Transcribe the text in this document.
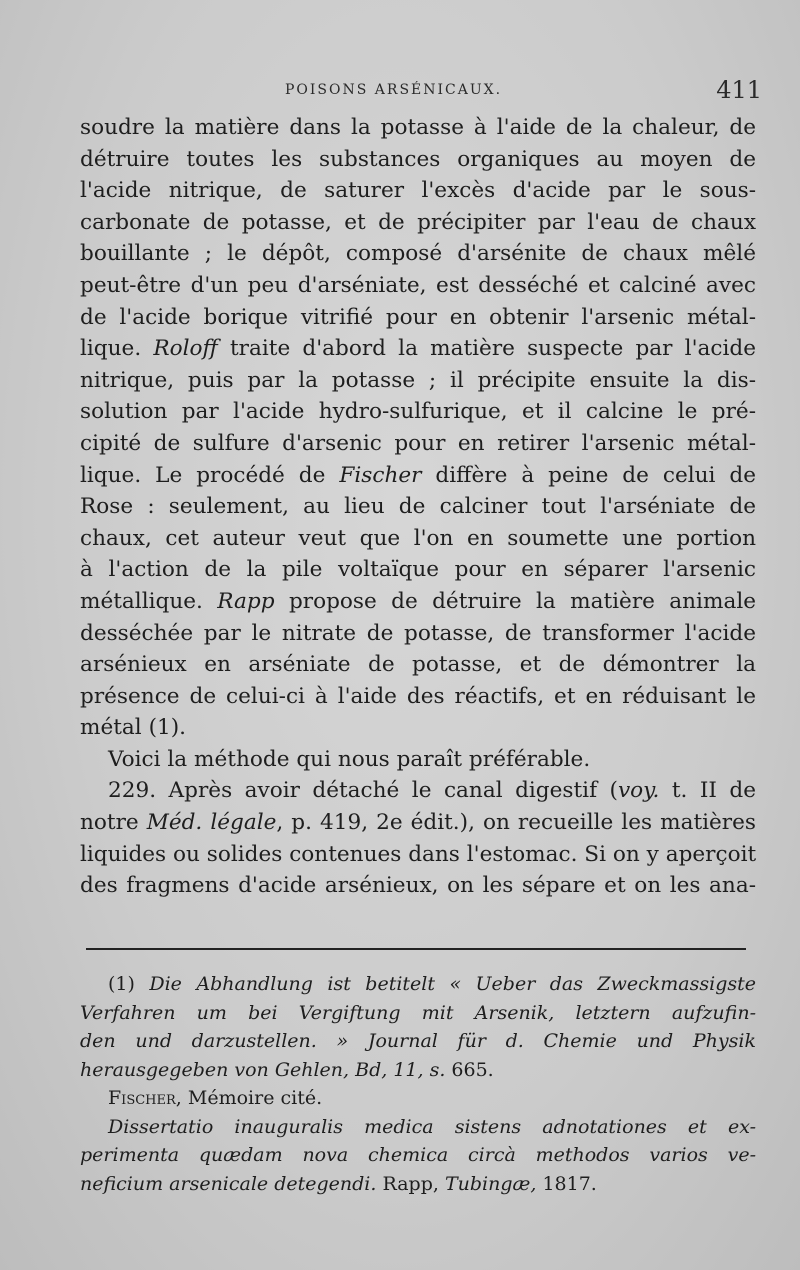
POISONS ARSÉNICAUX.	411

soudre la matière dans la potasse à l'aide de la chaleur, de
détruire toutes les substances organiques au moyen de
l'acide nitrique, de saturer l'excès d'acide par le sous-
carbonate de potasse, et de précipiter par l'eau de chaux
bouillante ; le dépôt, composé d'arsénite de chaux mêlé
peut-être d'un peu d'arséniate, est desséché et calciné avec
de l'acide borique vitrifié pour en obtenir l'arsenic métal-
lique. Roloff traite d'abord la matière suspecte par l'acide
nitrique, puis par la potasse ; il précipite ensuite la dis-
solution par l'acide hydro-sulfurique, et il calcine le pré-
cipité de sulfure d'arsenic pour en retirer l'arsenic métal-
lique. Le procédé de Fischer diffère à peine de celui de
Rose : seulement, au lieu de calciner tout l'arséniate de
chaux, cet auteur veut que l'on en soumette une portion
à l'action de la pile voltaïque pour en séparer l'arsenic
métallique. Rapp propose de détruire la matière animale
desséchée par le nitrate de potasse, de transformer l'acide
arsénieux en arséniate de potasse, et de démontrer la
présence de celui-ci à l'aide des réactifs, et en réduisant le
métal (1).
Voici la méthode qui nous paraît préférable.
229. Après avoir détaché le canal digestif (voy. t. II de
notre Méd. légale, p. 419, 2e édit.), on recueille les matières
liquides ou solides contenues dans l'estomac. Si on y aperçoit
des fragmens d'acide arsénieux, on les sépare et on les ana-

(1) Die Abhandlung ist betitelt « Ueber das Zweckmassigste
Verfahren um bei Vergiftung mit Arsenik, letztern aufzufin-
den und darzustellen. » Journal für d. Chemie und Physik
herausgegeben von Gehlen, Bd, 11, s. 665.
Fischer, Mémoire cité.
Dissertatio inauguralis medica sistens adnotationes et ex-
perimenta quædam nova chemica circà methodos varios ve-
neficium arsenicale detegendi. Rapp, Tubingæ, 1817.
